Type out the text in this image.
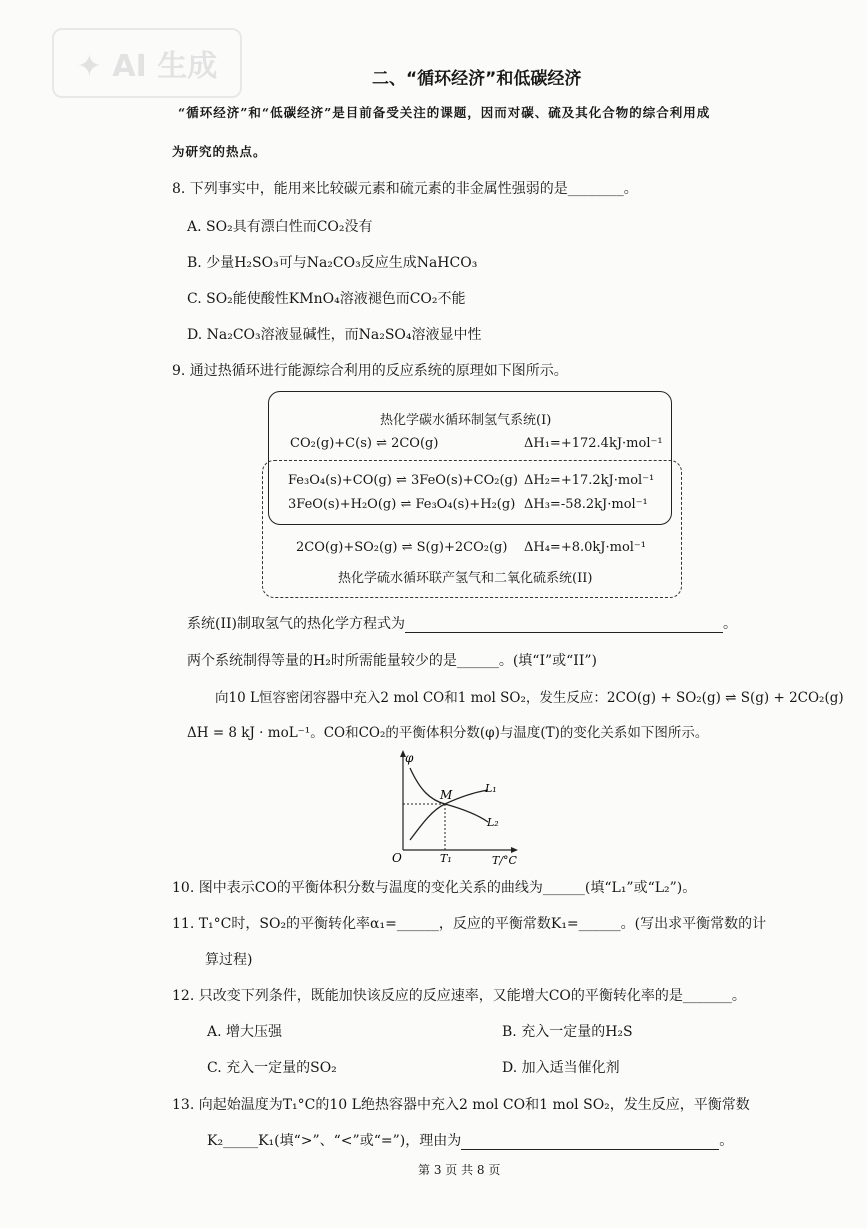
✦ AI 生成	二、“循环经济”和低碳经济
“循环经济”和“低碳经济”是目前备受关注的课题，因而对碳、硫及其化合物的综合利用成
为研究的热点。
8. 下列事实中，能用来比较碳元素和硫元素的非金属性强弱的是________。
A. SO₂具有漂白性而CO₂没有
B. 少量H₂SO₃可与Na₂CO₃反应生成NaHCO₃
C. SO₂能使酸性KMnO₄溶液褪色而CO₂不能
D. Na₂CO₃溶液显碱性，而Na₂SO₄溶液显中性
9. 通过热循环进行能源综合利用的反应系统的原理如下图所示。
热化学碳水循环制氢气系统(I)
CO₂(g)+C(s) ⇌ 2CO(g)	ΔH₁=+172.4kJ·mol⁻¹
Fe₃O₄(s)+CO(g) ⇌ 3FeO(s)+CO₂(g) ΔH₂=+17.2kJ·mol⁻¹
3FeO(s)+H₂O(g) ⇌ Fe₃O₄(s)+H₂(g) ΔH₃=-58.2kJ·mol⁻¹
2CO(g)+SO₂(g) ⇌ S(g)+2CO₂(g) ΔH₄=+8.0kJ·mol⁻¹
热化学硫水循环联产氢气和二氧化硫系统(II)
系统(II)制取氢气的热化学方程式为	。
两个系统制得等量的H₂时所需能量较少的是______。(填“I”或“II”)
向10 L恒容密闭容器中充入2 mol CO和1 mol SO₂，发生反应：2CO(g) + SO₂(g) ⇌ S(g) + 2CO₂(g)
ΔH = 8 kJ · moL⁻¹。CO和CO₂的平衡体积分数(φ)与温度(T)的变化关系如下图所示。
φ
O	T₁	T/°C
M	L₁
L₂
10. 图中表示CO的平衡体积分数与温度的变化关系的曲线为______(填“L₁”或“L₂”)。
11. T₁°C时，SO₂的平衡转化率α₁=______，反应的平衡常数K₁=______。(写出求平衡常数的计
算过程)
12. 只改变下列条件，既能加快该反应的反应速率，又能增大CO的平衡转化率的是_______。
A. 增大压强	B. 充入一定量的H₂S
C. 充入一定量的SO₂	D. 加入适当催化剂
13. 向起始温度为T₁°C的10 L绝热容器中充入2 mol CO和1 mol SO₂，发生反应，平衡常数
K₂_____K₁(填“>”、“<”或“=”)，理由为	。
第 3 页 共 8 页
